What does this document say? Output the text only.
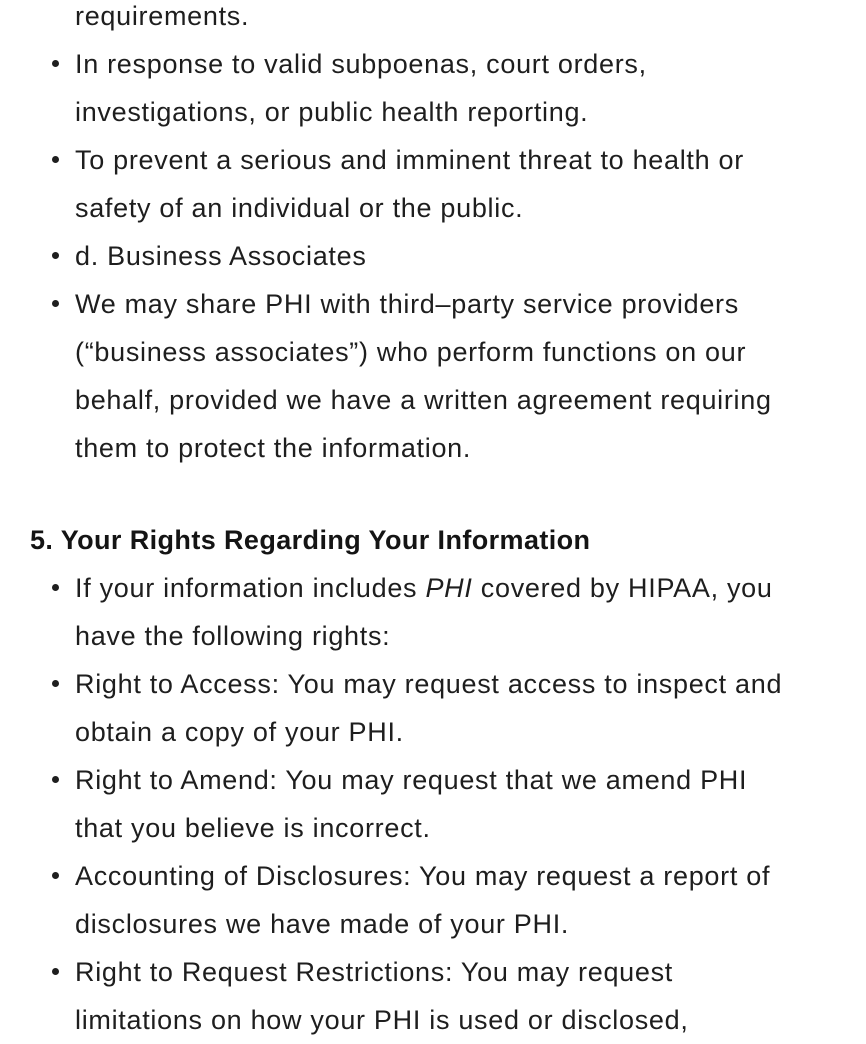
requirements.
In response to valid subpoenas, court orders,
investigations, or public health reporting.
To prevent a serious and imminent threat to health or
safety of an individual or the public.
d. Business Associates
We may share PHI with third–party service providers
(“business associates”) who perform functions on our
behalf, provided we have a written agreement requiring
them to protect the information.
5. Your Rights Regarding Your Information
If your information includes PHI covered by HIPAA, you
have the following rights:
Right to Access: You may request access to inspect and
obtain a copy of your PHI.
Right to Amend: You may request that we amend PHI
that you believe is incorrect.
Accounting of Disclosures: You may request a report of
disclosures we have made of your PHI.
Right to Request Restrictions: You may request
limitations on how your PHI is used or disclosed,
